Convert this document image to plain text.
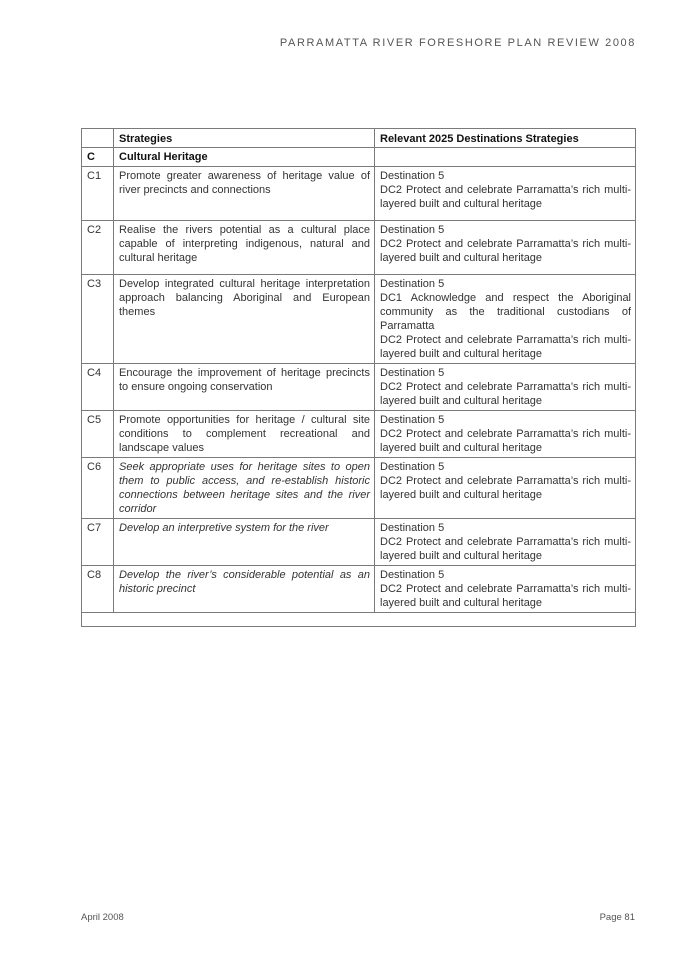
PARRAMATTA RIVER FORESHORE PLAN REVIEW 2008
	Strategies	Relevant 2025 Destinations Strategies
C	Cultural Heritage	
C1	Promote greater awareness of heritage value of river precincts and connections	Destination 5
DC2 Protect and celebrate Parramatta’s rich multi-layered built and cultural heritage

C2	Realise the rivers potential as a cultural place capable of interpreting indigenous, natural and cultural heritage	Destination 5
DC2 Protect and celebrate Parramatta’s rich multi-layered built and cultural heritage

C3	Develop integrated cultural heritage interpretation approach balancing Aboriginal and European themes	Destination 5
DC1 Acknowledge and respect the Aboriginal community as the traditional custodians of Parramatta
DC2 Protect and celebrate Parramatta’s rich multi-layered built and cultural heritage

C4	Encourage the improvement of heritage precincts to ensure ongoing conservation	Destination 5
DC2 Protect and celebrate Parramatta’s rich multi-layered built and cultural heritage

C5	Promote opportunities for heritage / cultural site conditions to complement recreational and landscape values	Destination 5
DC2 Protect and celebrate Parramatta’s rich multi-layered built and cultural heritage

C6	Seek appropriate uses for heritage sites to open them to public access, and re-establish historic connections between heritage sites and the river corridor	Destination 5
DC2 Protect and celebrate Parramatta’s rich multi-layered built and cultural heritage

C7	Develop an interpretive system for the river	Destination 5
DC2 Protect and celebrate Parramatta’s rich multi-layered built and cultural heritage

C8	Develop the river’s considerable potential as an historic precinct	Destination 5
DC2 Protect and celebrate Parramatta’s rich multi-layered built and cultural heritage

April 2008	Page 81
